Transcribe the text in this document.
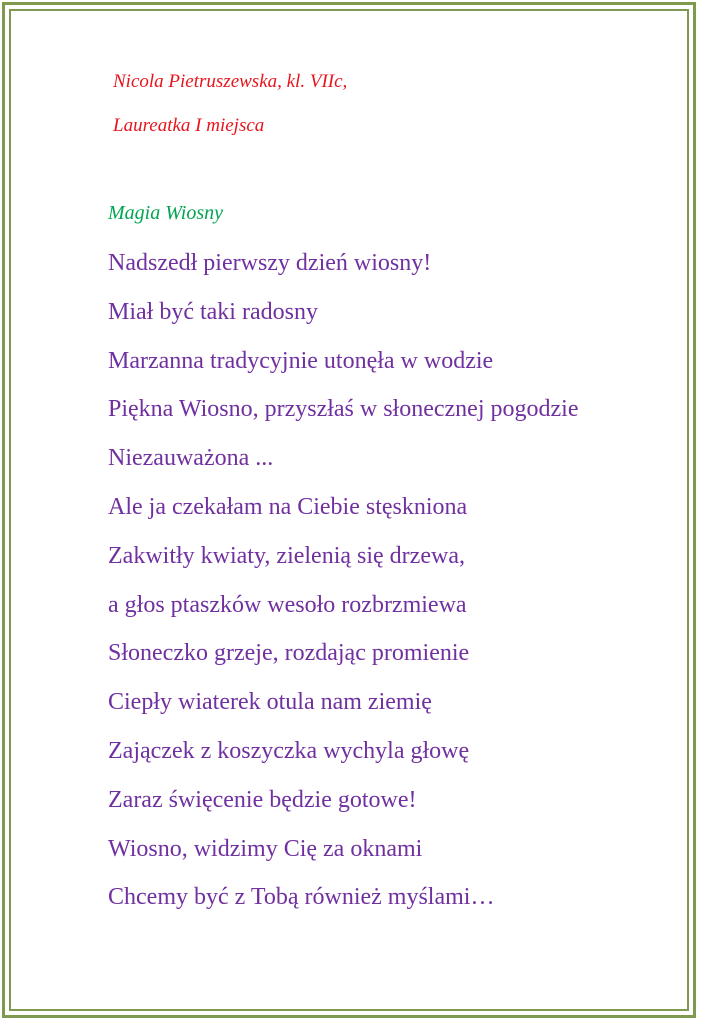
Nicola Pietruszewska, kl. VIIc,
Laureatka I miejsca
Magia Wiosny
Nadszedł pierwszy dzień wiosny!
Miał być taki radosny
Marzanna tradycyjnie utonęła w wodzie
Piękna Wiosno, przyszłaś w słonecznej pogodzie
Niezauważona ...
Ale ja czekałam na Ciebie stęskniona
Zakwitły kwiaty, zielenią się drzewa,
a głos ptaszków wesoło rozbrzmiewa
Słoneczko grzeje, rozdając promienie
Ciepły wiaterek otula nam ziemię
Zajączek z koszyczka wychyla głowę
Zaraz święcenie będzie gotowe!
Wiosno, widzimy Cię za oknami
Chcemy być z Tobą również myślami…
